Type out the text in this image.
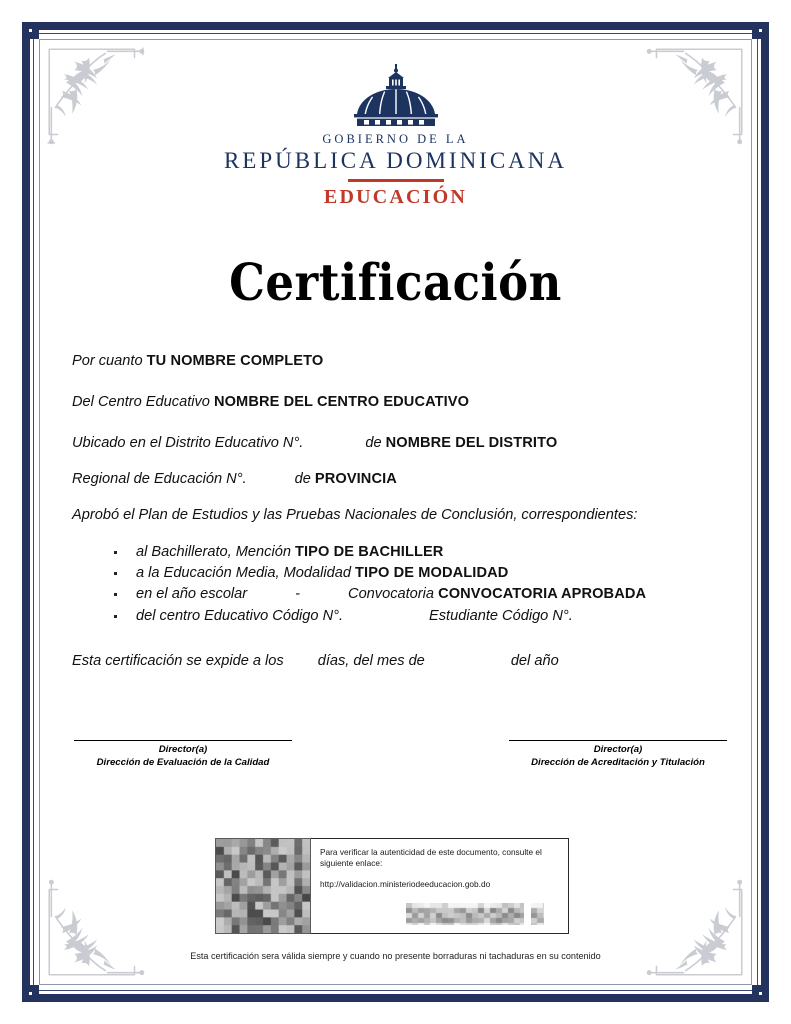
GOBIERNO DE LA
REPÚBLICA DOMINICANA
EDUCACIÓN
Certificación
Por cuanto TU NOMBRE COMPLETO
Del Centro Educativo NOMBRE DEL CENTRO EDUCATIVO
Ubicado en el Distrito Educativo N°.	de NOMBRE DEL DISTRITO
Regional de Educación N°.	de PROVINCIA
Aprobó el Plan de Estudios y las Pruebas Nacionales de Conclusión, correspondientes:
al Bachillerato, Mención TIPO DE BACHILLER
a la Educación Media, Modalidad TIPO DE MODALIDAD
en el año escolar	-	Convocatoria CONVOCATORIA APROBADA
del centro Educativo Código N°.	Estudiante Código N°.
Esta certificación se expide a los días, del mes de	del año
Director(a)
Dirección de Evaluación de la Calidad
Director(a)
Dirección de Acreditación y Titulación
Para verificar la autenticidad de este documento, consulte el siguiente enlace:
http://validacion.ministeriodeeducacion.gob.do
Esta certificación sera válida siempre y cuando no presente borraduras ni tachaduras en su contenido
